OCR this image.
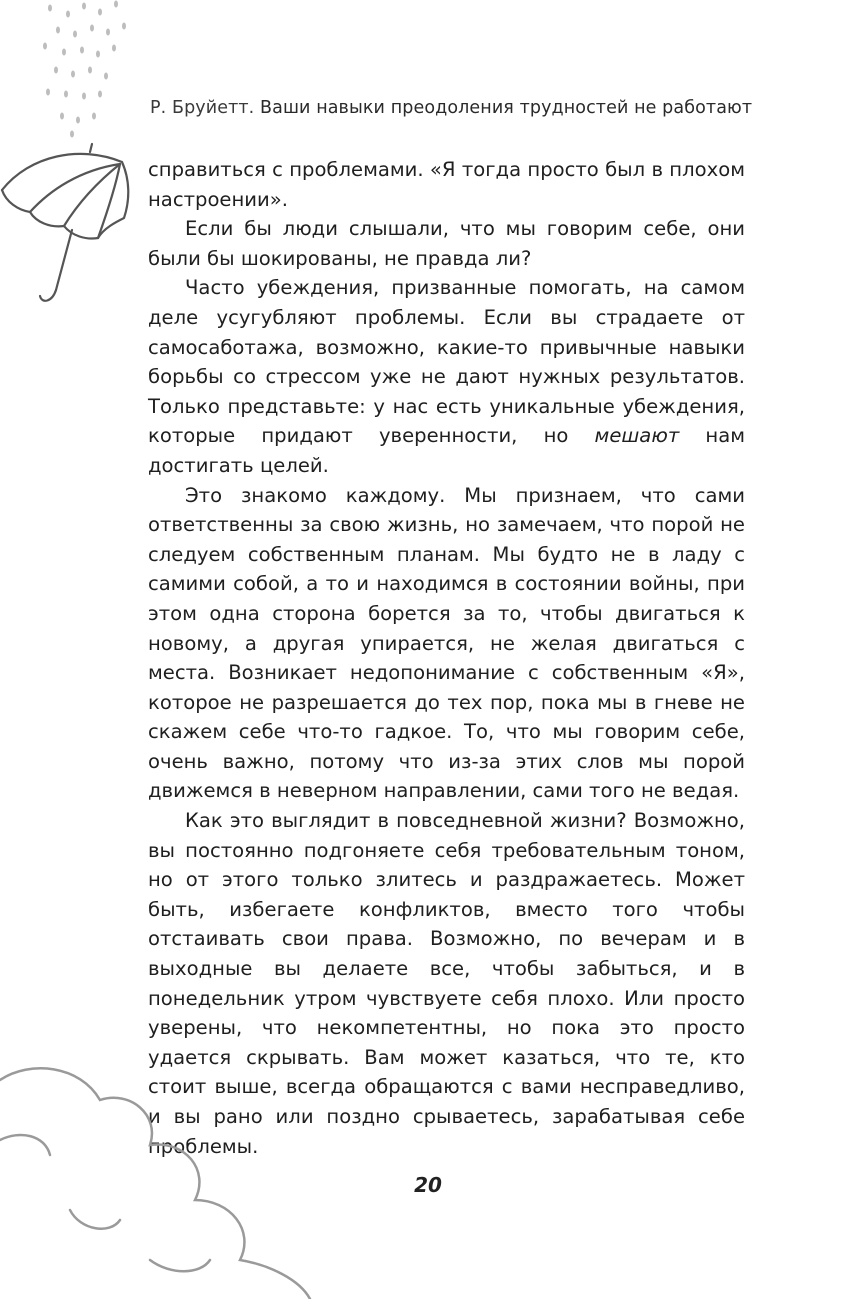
Р. Бруйетт. Ваши навыки преодоления трудностей не работают

справиться с проблемами. «Я тогда просто был в плохом настроении».

Если бы люди слышали, что мы говорим себе, они были бы шокированы, не правда ли?

Часто убеждения, призванные помогать, на самом деле усугубляют проблемы. Если вы страдаете от самосаботажа, возможно, какие-то привычные навыки борьбы со стрессом уже не дают нужных результатов. Только представьте: у нас есть уникальные убеждения, которые придают уверенности, но мешают нам достигать целей.

Это знакомо каждому. Мы признаем, что сами ответственны за свою жизнь, но замечаем, что порой не следуем собственным планам. Мы будто не в ладу с самими собой, а то и находимся в состоянии войны, при этом одна сторона борется за то, чтобы двигаться к новому, а другая упирается, не желая двигаться с места. Возникает недопонимание с собственным «Я», которое не разрешается до тех пор, пока мы в гневе не скажем себе что-то гадкое. То, что мы говорим себе, очень важно, потому что из-за этих слов мы порой движемся в неверном направлении, сами того не ведая.

Как это выглядит в повседневной жизни? Возможно, вы постоянно подгоняете себя требовательным тоном, но от этого только злитесь и раздражаетесь. Может быть, избегаете конфликтов, вместо того чтобы отстаивать свои права. Возможно, по вечерам и в выходные вы делаете все, чтобы забыться, и в понедельник утром чувствуете себя плохо. Или просто уверены, что некомпетентны, но пока это просто удается скрывать. Вам может казаться, что те, кто стоит выше, всегда обращаются с вами несправедливо, и вы рано или поздно срываетесь, зарабатывая себе проблемы.

20
